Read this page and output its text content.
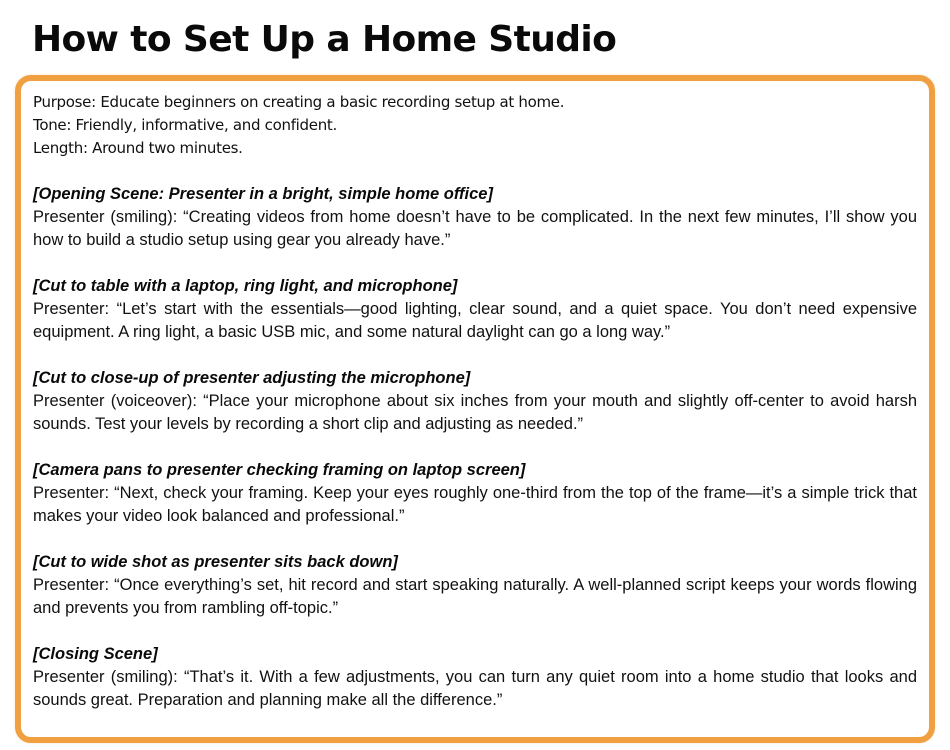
How to Set Up a Home Studio
Purpose: Educate beginners on creating a basic recording setup at home.
Tone: Friendly, informative, and confident.
Length: Around two minutes.
[Opening Scene: Presenter in a bright, simple home office]
Presenter (smiling): “Creating videos from home doesn’t have to be complicated. In the next few minutes, I’ll show you how to build a studio setup using gear you already have.”
[Cut to table with a laptop, ring light, and microphone]
Presenter: “Let’s start with the essentials—good lighting, clear sound, and a quiet space. You don’t need expensive equipment. A ring light, a basic USB mic, and some natural daylight can go a long way.”
[Cut to close-up of presenter adjusting the microphone]
Presenter (voiceover): “Place your microphone about six inches from your mouth and slightly off-center to avoid harsh sounds. Test your levels by recording a short clip and adjusting as needed.”
[Camera pans to presenter checking framing on laptop screen]
Presenter: “Next, check your framing. Keep your eyes roughly one-third from the top of the frame—it’s a simple trick that makes your video look balanced and professional.”
[Cut to wide shot as presenter sits back down]
Presenter: “Once everything’s set, hit record and start speaking naturally. A well-planned script keeps your words flowing and prevents you from rambling off-topic.”
[Closing Scene]
Presenter (smiling): “That’s it. With a few adjustments, you can turn any quiet room into a home studio that looks and sounds great. Preparation and planning make all the difference.”
